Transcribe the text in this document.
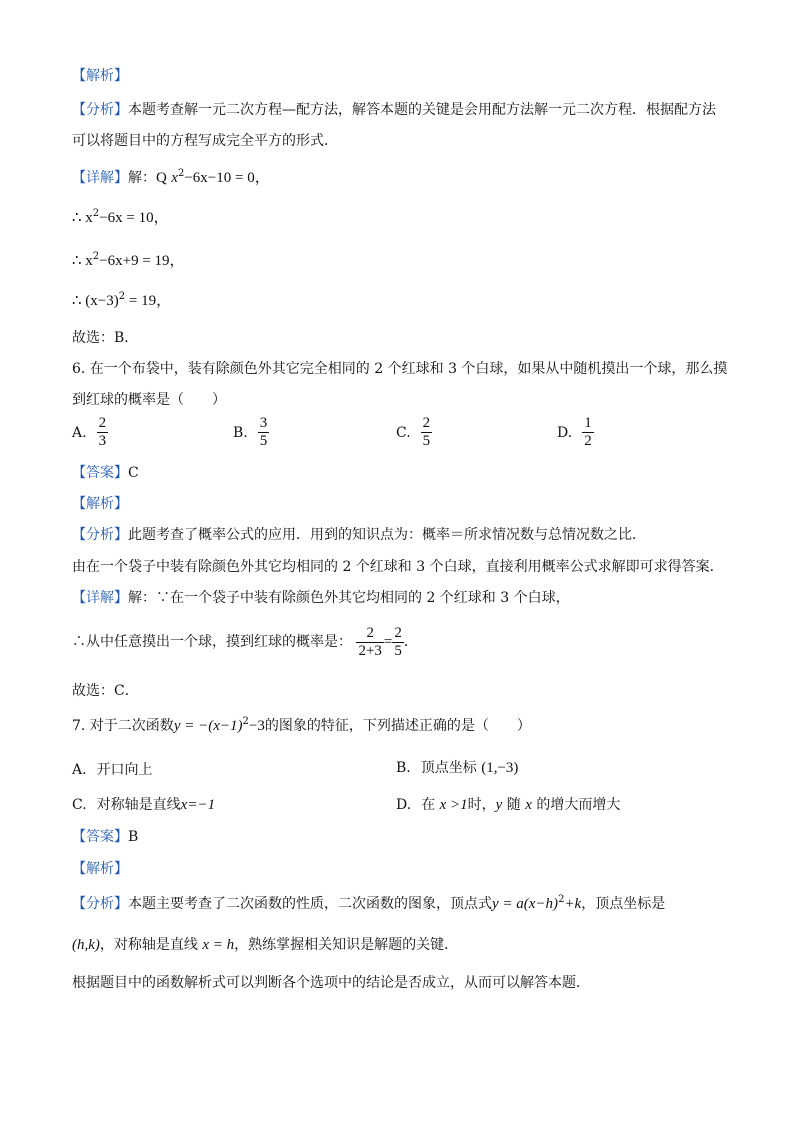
【解析】
【分析】本题考查解一元二次方程—配方法，解答本题的关键是会用配方法解一元二次方程．根据配方法
可以将题目中的方程写成完全平方的形式．
【详解】解：Q $x^2-6x-10 = 0$，
∴ $x^2-6x = 10$，
∴ $x^2-6x+9 = 19$，
∴ $(x-3)^2 = 19$，
故选：B．
6. 在一个布袋中，装有除颜色外其它完全相同的 2 个红球和 3 个白球，如果从中随机摸出一个球，那么摸
到红球的概率是（　　）
A. $\frac{2}{3}$	B. $\frac{3}{5}$	C. $\frac{2}{5}$	D. $\frac{1}{2}$
【答案】C
【解析】
【分析】此题考查了概率公式的应用．用到的知识点为：概率＝所求情况数与总情况数之比．
由在一个袋子中装有除颜色外其它均相同的 2 个红球和 3 个白球，直接利用概率公式求解即可求得答案．
【详解】解：∵在一个袋子中装有除颜色外其它均相同的 2 个红球和 3 个白球，
∴从中任意摸出一个球，摸到红球的概率是： $\frac{2}{2+3} = \frac{2}{5}$ ．
故选：C．
7. 对于二次函数$y = -(x-1)^2-3$的图象的特征，下列描述正确的是（　　）
A. 开口向上	B. 顶点坐标 (1,−3)
C. 对称轴是直线x=−1	D. 在 x >1时，y 随 x 的增大而增大
【答案】B
【解析】
【分析】本题主要考查了二次函数的性质，二次函数的图象，顶点式$y = a(x-h)^2+k$，顶点坐标是
(h,k)，对称轴是直线 x = h，熟练掌握相关知识是解题的关键．
根据题目中的函数解析式可以判断各个选项中的结论是否成立，从而可以解答本题．
